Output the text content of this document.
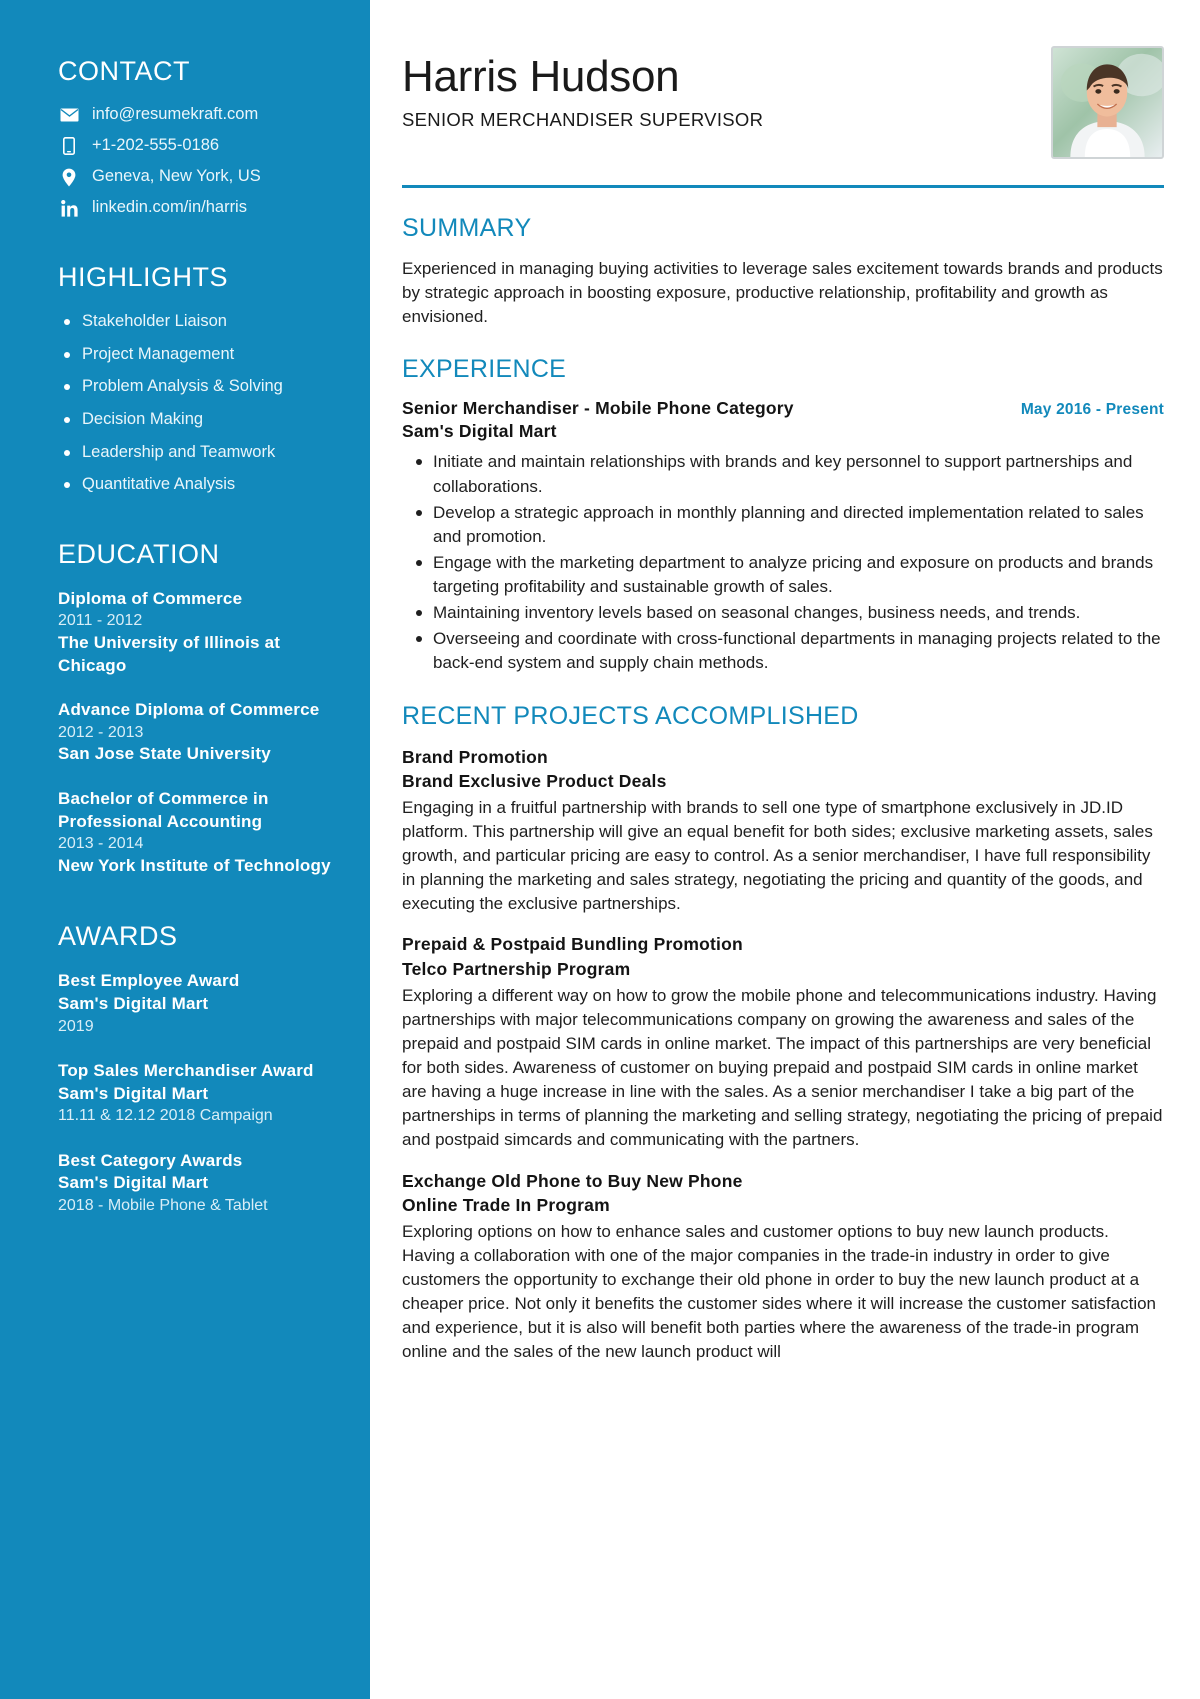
CONTACT
info@resumekraft.com
+1-202-555-0186
Geneva, New York, US
linkedin.com/in/harris
HIGHLIGHTS
Stakeholder Liaison
Project Management
Problem Analysis & Solving
Decision Making
Leadership and Teamwork
Quantitative Analysis
EDUCATION
Diploma of Commerce
2011 - 2012
The University of Illinois at Chicago
Advance Diploma of Commerce
2012 - 2013
San Jose State University
Bachelor of Commerce in Professional Accounting
2013 - 2014
New York Institute of Technology
AWARDS
Best Employee Award
Sam's Digital Mart
2019
Top Sales Merchandiser Award
Sam's Digital Mart
11.11 & 12.12 2018 Campaign
Best Category Awards
Sam's Digital Mart
2018 - Mobile Phone & Tablet
Harris Hudson
SENIOR MERCHANDISER SUPERVISOR
SUMMARY

Experienced in managing buying activities to leverage sales excitement towards brands and products by strategic approach in boosting exposure, productive relationship, profitability and growth as envisioned.

EXPERIENCE
Senior Merchandiser - Mobile Phone Category	May 2016 - Present
Sam's Digital Mart
Initiate and maintain relationships with brands and key personnel to support partnerships and collaborations.
Develop a strategic approach in monthly planning and directed implementation related to sales and promotion.
Engage with the marketing department to analyze pricing and exposure on products and brands targeting profitability and sustainable growth of sales.
Maintaining inventory levels based on seasonal changes, business needs, and trends.
Overseeing and coordinate with cross-functional departments in managing projects related to the back-end system and supply chain methods.
RECENT PROJECTS ACCOMPLISHED
Brand Promotion
Brand Exclusive Product Deals

Engaging in a fruitful partnership with brands to sell one type of smartphone exclusively in JD.ID platform. This partnership will give an equal benefit for both sides; exclusive marketing assets, sales growth, and particular pricing are easy to control. As a senior merchandiser, I have full responsibility in planning the marketing and sales strategy, negotiating the pricing and quantity of the goods, and executing the exclusive partnerships.

Prepaid & Postpaid Bundling Promotion
Telco Partnership Program

Exploring a different way on how to grow the mobile phone and telecommunications industry. Having partnerships with major telecommunications company on growing the awareness and sales of the prepaid and postpaid SIM cards in online market. The impact of this partnerships are very beneficial for both sides. Awareness of customer on buying prepaid and postpaid SIM cards in online market are having a huge increase in line with the sales. As a senior merchandiser I take a big part of the partnerships in terms of planning the marketing and selling strategy, negotiating the pricing of prepaid and postpaid simcards and communicating with the partners.

Exchange Old Phone to Buy New Phone
Online Trade In Program

Exploring options on how to enhance sales and customer options to buy new launch products. Having a collaboration with one of the major companies in the trade-in industry in order to give customers the opportunity to exchange their old phone in order to buy the new launch product at a cheaper price. Not only it benefits the customer sides where it will increase the customer satisfaction and experience, but it is also will benefit both parties where the awareness of the trade-in program online and the sales of the new launch product will
